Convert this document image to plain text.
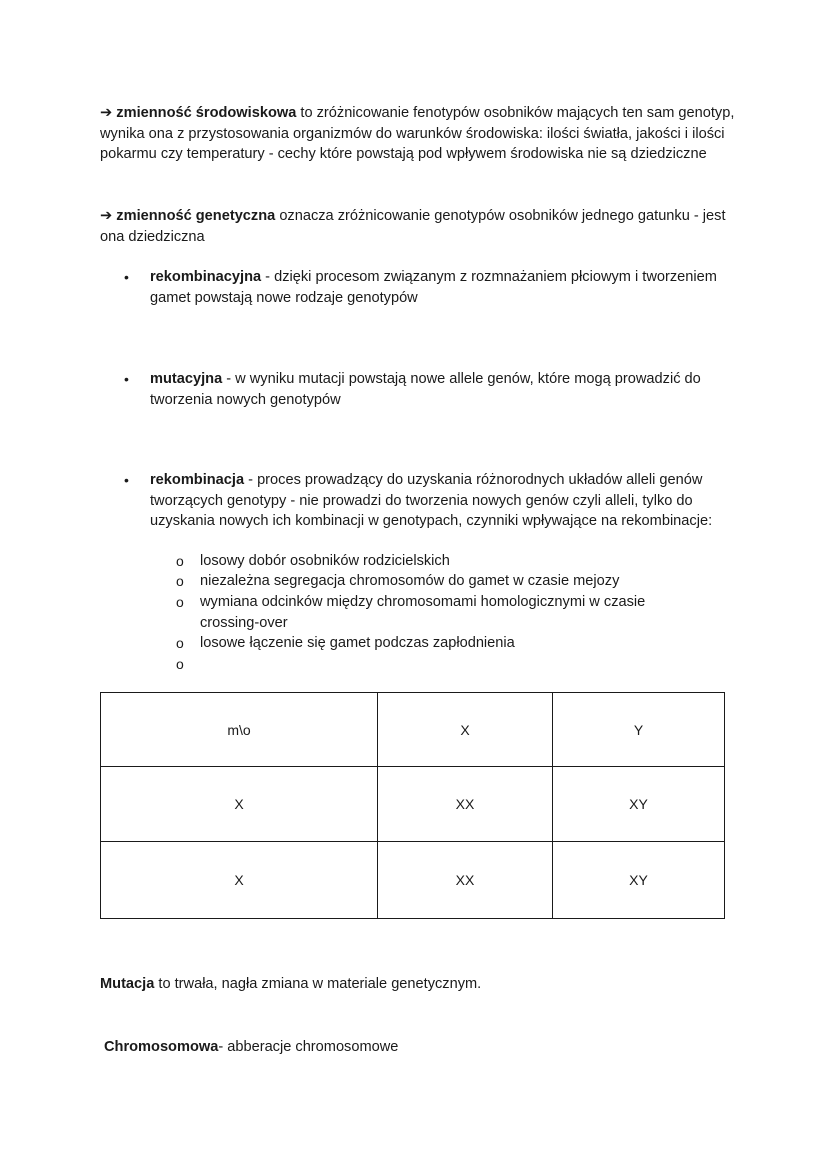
➔ zmienność środowiskowa to zróżnicowanie fenotypów osobników mających ten sam genotyp, wynika ona z przystosowania organizmów do warunków środowiska: ilości światła, jakości i ilości pokarmu czy temperatury - cechy które powstają pod wpływem środowiska nie są dziedziczne

➔ zmienność genetyczna oznacza zróżnicowanie genotypów osobników jednego gatunku - jest ona dziedziczna

• rekombinacyjna - dzięki procesom związanym z rozmnażaniem płciowym i tworzeniem gamet powstają nowe rodzaje genotypów
• mutacyjna - w wyniku mutacji powstają nowe allele genów, które mogą prowadzić do tworzenia nowych genotypów
• rekombinacja - proces prowadzący do uzyskania różnorodnych układów alleli genów tworzących genotypy - nie prowadzi do tworzenia nowych genów czyli alleli, tylko do uzyskania nowych ich kombinacji w genotypach, czynniki wpływające na rekombinacje:
o losowy dobór osobników rodzicielskich
o niezależna segregacja chromosomów do gamet w czasie mejozy
o wymiana odcinków między chromosomami homologicznymi w czasie crossing-over
o losowe łączenie się gamet podczas zapłodnienia
o
m\o	X	Y
X	XX	XY
X	XX	XY

Mutacja to trwała, nagła zmiana w materiale genetycznym.

Chromosomowa- abberacje chromosomowe
